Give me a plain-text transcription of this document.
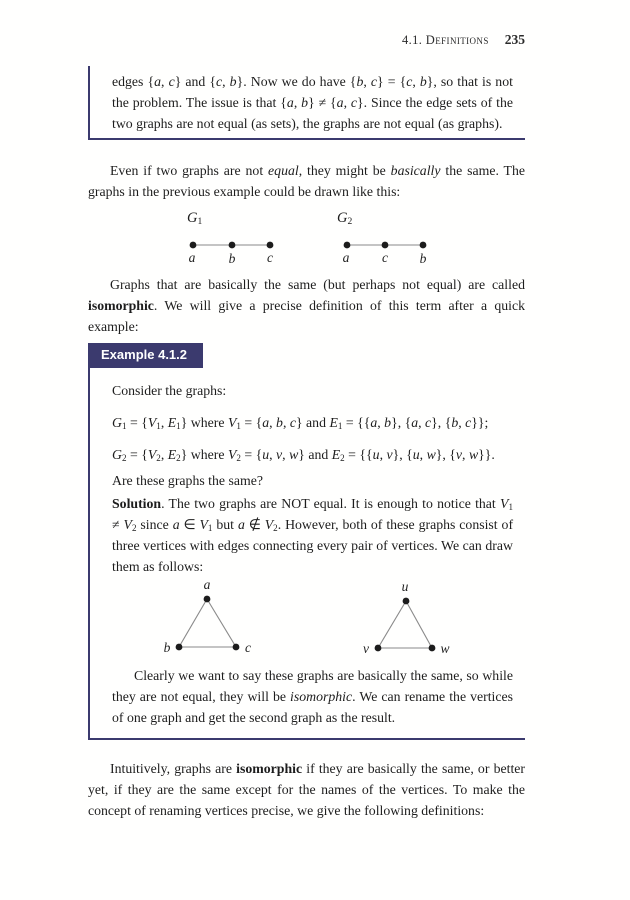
4.1. Definitions 235

edges {a, c} and {c, b}. Now we do have {b, c} = {c, b}, so that is not the problem. The issue is that {a, b} ≠ {a, c}. Since the edge sets of the two graphs are not equal (as sets), the graphs are not equal (as graphs).

Even if two graphs are not equal, they might be basically the same. The graphs in the previous example could be drawn like this:

$G_1$	$G_2$
a b c	a c b

Graphs that are basically the same (but perhaps not equal) are called isomorphic. We will give a precise definition of this term after a quick example:

Example 4.1.2

Consider the graphs:

$G_1 = \{V_1$, $E_1$} where $V_1 = \{a$, b, c} and $E_1 = \{\{a$, b}, {a, c}, {b, c}};

$G_2 = \{V_2$, $E_2$} where $V_2 = \{u$, v, w} and $E_2 = \{\{u$, v}, {u, w}, {v, w}}.

Are these graphs the same?

Solution. The two graphs are NOT equal. It is enough to notice that $V_1 \ne V_2$ since a ∈ $V_1$ but a ∉ $V_2$. However, both of these graphs consist of three vertices with edges connecting every pair of vertices. We can draw them as follows:

a
b	c
u
v	w

Clearly we want to say these graphs are basically the same, so while they are not equal, they will be isomorphic. We can rename the vertices of one graph and get the second graph as the result.

Intuitively, graphs are isomorphic if they are basically the same, or better yet, if they are the same except for the names of the vertices. To make the concept of renaming vertices precise, we give the following definitions:
